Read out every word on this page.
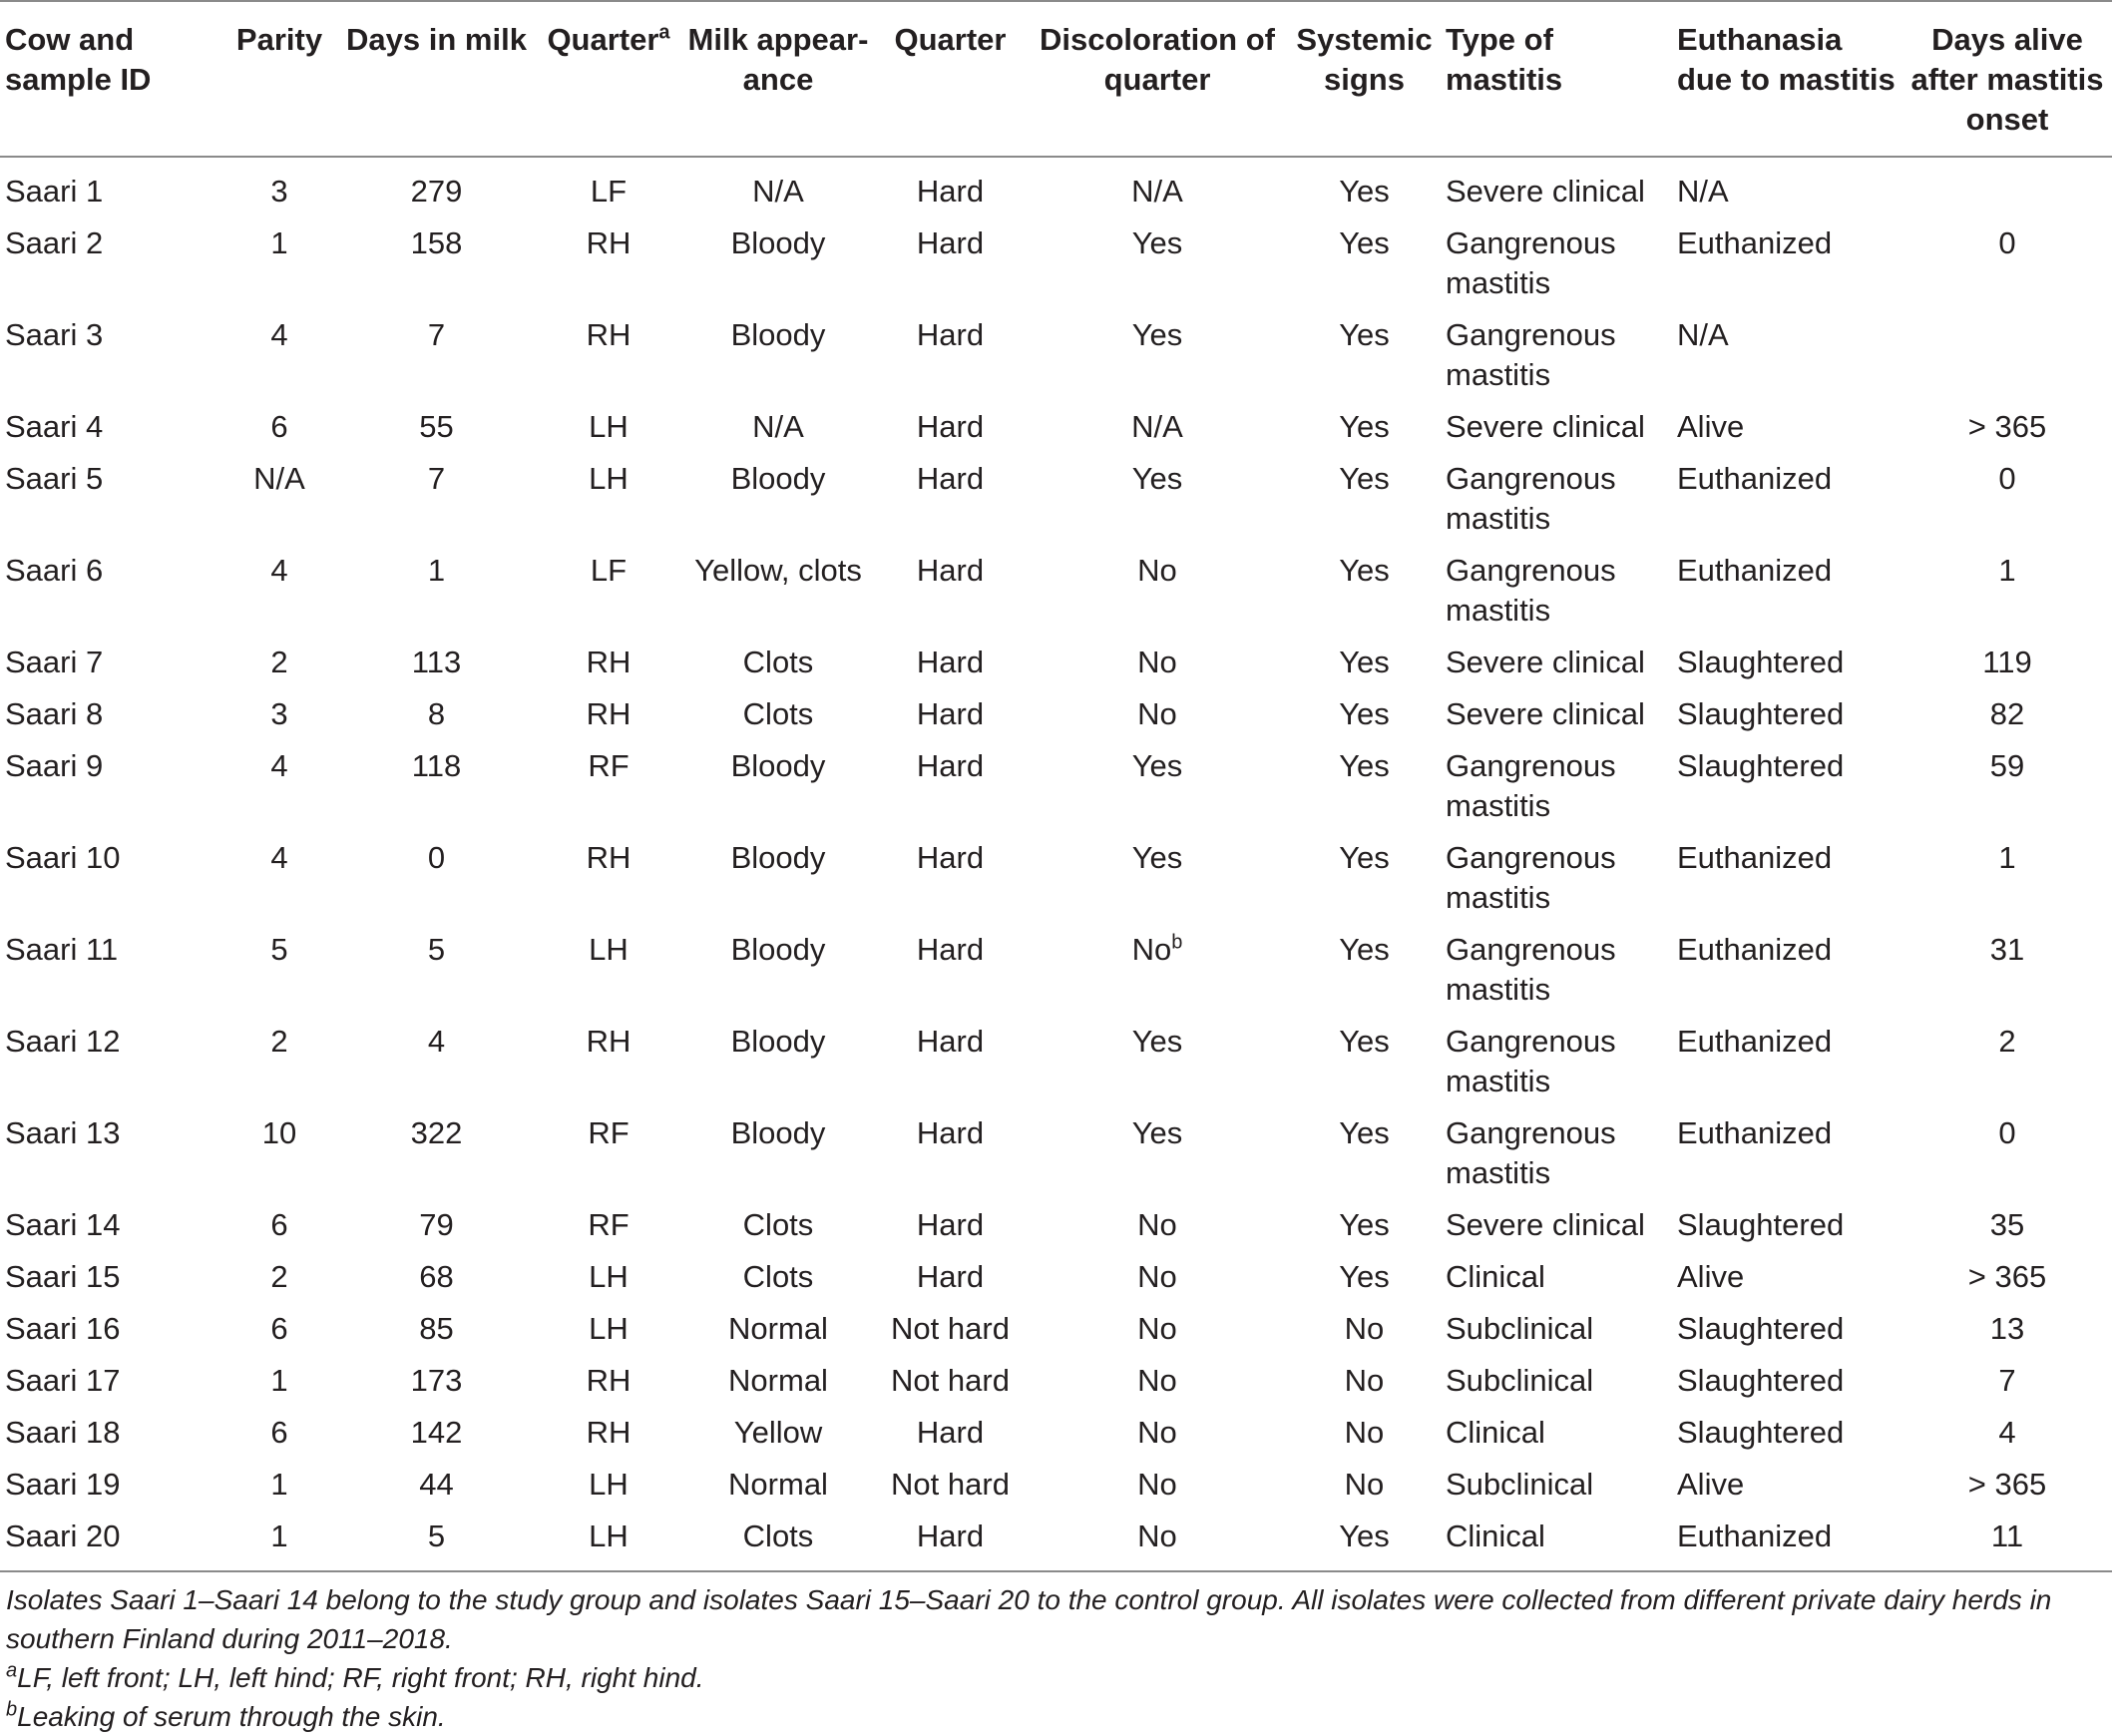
Cow and sample ID	Parity	Days in milk	Quarter$^a$	Milk appear-ance	Quarter	Discoloration of quarter	Systemic signs	Type of mastitis	Euthanasia due to mastitis	Days alive after mastitis onset
Saari 1	3	279	LF	N/A	Hard	N/A	Yes	Severe clinical	N/A	
Saari 2	1	158	RH	Bloody	Hard	Yes	Yes	Gangrenous mastitis	Euthanized	0
Saari 3	4	7	RH	Bloody	Hard	Yes	Yes	Gangrenous mastitis	N/A	
Saari 4	6	55	LH	N/A	Hard	N/A	Yes	Severe clinical	Alive	> 365
Saari 5	N/A	7	LH	Bloody	Hard	Yes	Yes	Gangrenous mastitis	Euthanized	0
Saari 6	4	1	LF	Yellow, clots	Hard	No	Yes	Gangrenous mastitis	Euthanized	1
Saari 7	2	113	RH	Clots	Hard	No	Yes	Severe clinical	Slaughtered	119
Saari 8	3	8	RH	Clots	Hard	No	Yes	Severe clinical	Slaughtered	82
Saari 9	4	118	RF	Bloody	Hard	Yes	Yes	Gangrenous mastitis	Slaughtered	59
Saari 10	4	0	RH	Bloody	Hard	Yes	Yes	Gangrenous mastitis	Euthanized	1
Saari 11	5	5	LH	Bloody	Hard	No$^b$	Yes	Gangrenous mastitis	Euthanized	31
Saari 12	2	4	RH	Bloody	Hard	Yes	Yes	Gangrenous mastitis	Euthanized	2
Saari 13	10	322	RF	Bloody	Hard	Yes	Yes	Gangrenous mastitis	Euthanized	0
Saari 14	6	79	RF	Clots	Hard	No	Yes	Severe clinical	Slaughtered	35
Saari 15	2	68	LH	Clots	Hard	No	Yes	Clinical	Alive	> 365
Saari 16	6	85	LH	Normal	Not hard	No	No	Subclinical	Slaughtered	13
Saari 17	1	173	RH	Normal	Not hard	No	No	Subclinical	Slaughtered	7
Saari 18	6	142	RH	Yellow	Hard	No	No	Clinical	Slaughtered	4
Saari 19	1	44	LH	Normal	Not hard	No	No	Subclinical	Alive	> 365
Saari 20	1	5	LH	Clots	Hard	No	Yes	Clinical	Euthanized	11

Isolates Saari 1–Saari 14 belong to the study group and isolates Saari 15–Saari 20 to the control group. All isolates were collected from different private dairy herds in southern Finland during 2011–2018.

$^a$LF, left front; LH, left hind; RF, right front; RH, right hind.

$^b$Leaking of serum through the skin.
